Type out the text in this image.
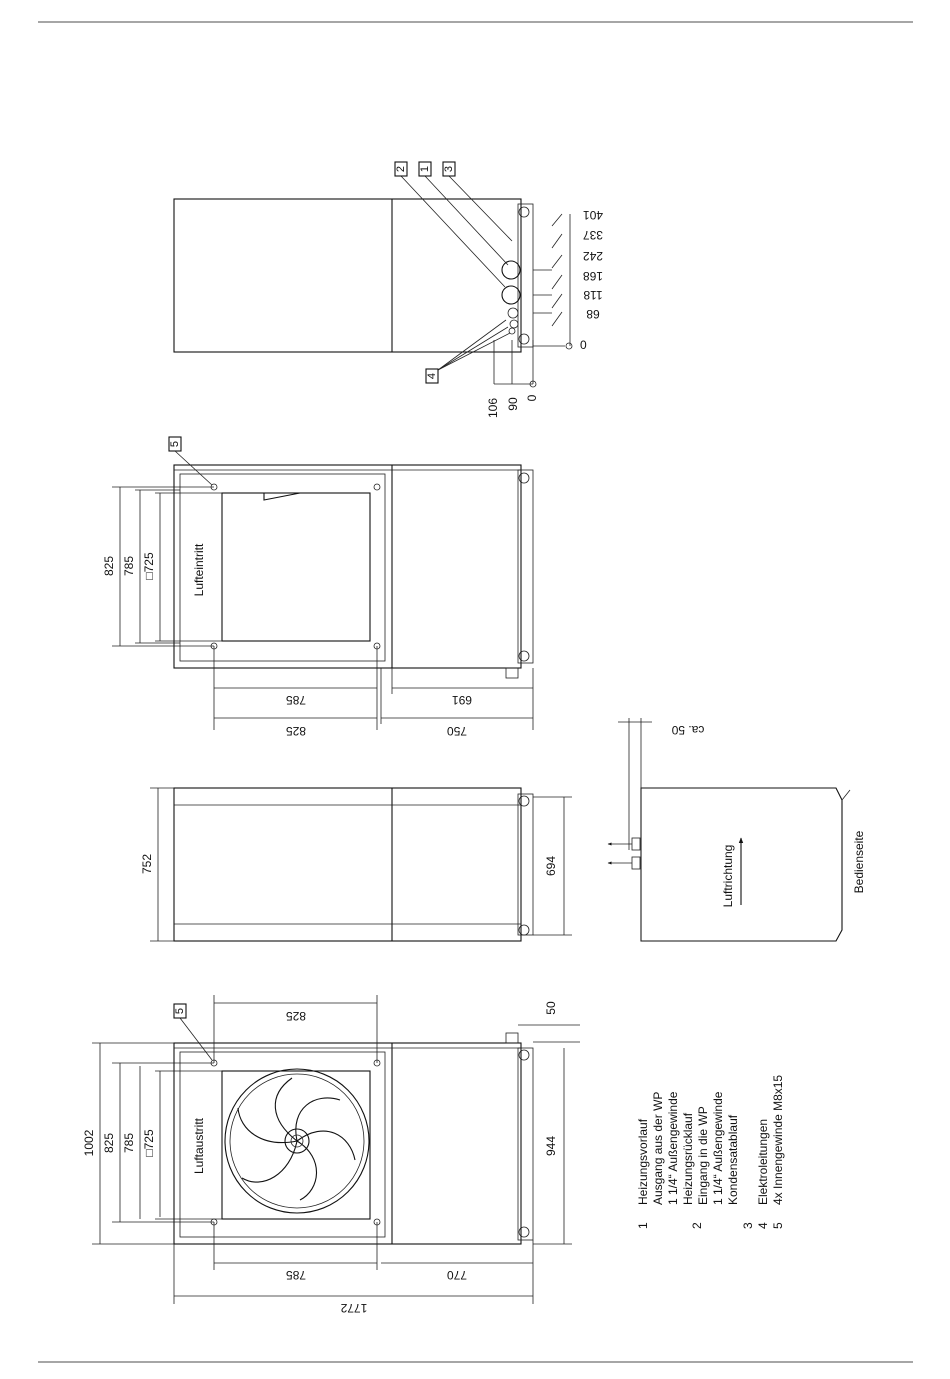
2 1 3
4
401
337
242
168
118
68
0
106 90 0
5
Lufteintritt
825 785 □725
785	691
825	750
752	694
ca. 50
Luftrichtung	Bedienseite
5
Luftaustritt
825
50
1002 825 785 □725	944
785	770
1772
1
Heizungsvorlauf Ausgang aus der WP 1 1/4“ Außengewinde
2
Heizungsrücklauf Eingang in die WP 1 1/4“ Außengewinde
3
Kondensatablauf
4
Elektroleitungen
5
4x Innengewinde M8x15
